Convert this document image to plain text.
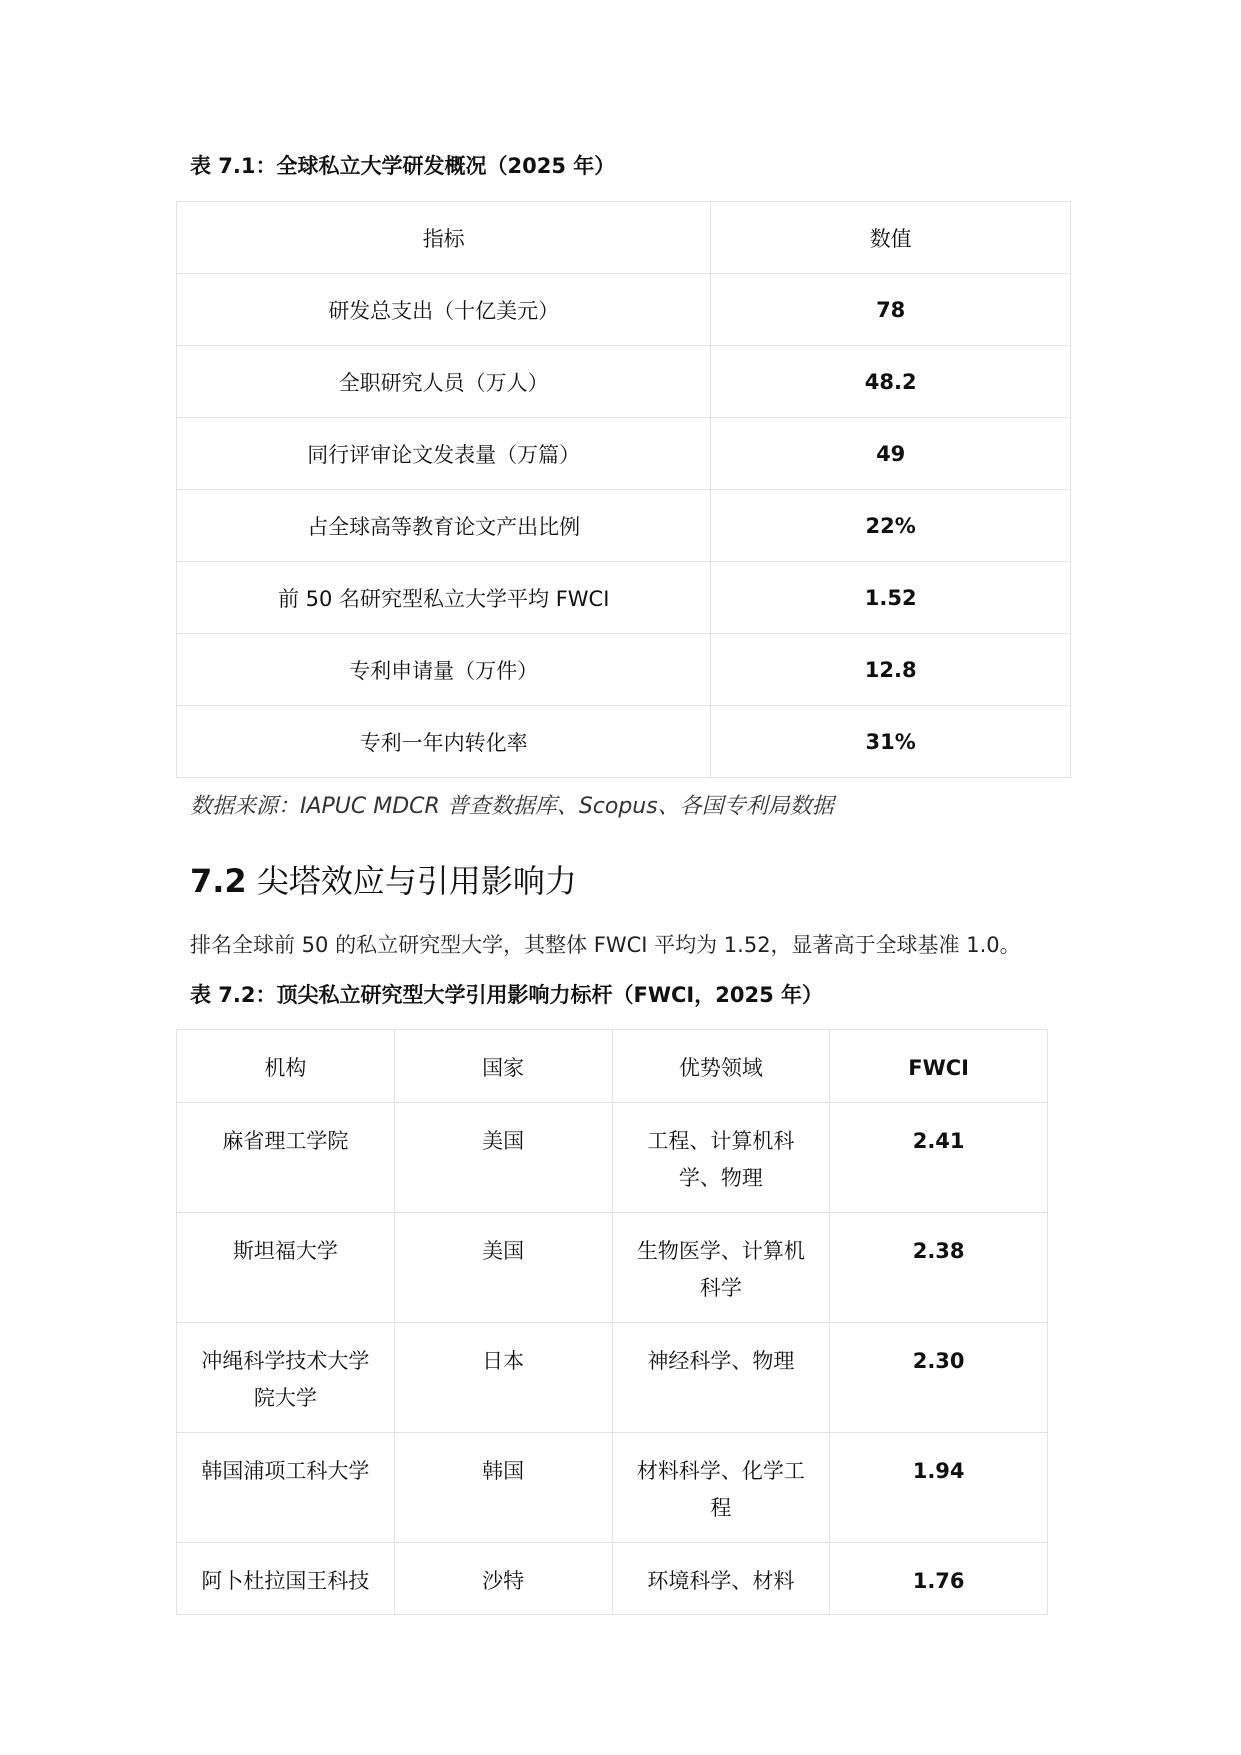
表 7.1：全球私立大学研发概况（2025 年）
指标	数值
研发总支出（十亿美元）	78
全职研究人员（万人）	48.2
同行评审论文发表量（万篇）	49
占全球高等教育论文产出比例	22%
前 50 名研究型私立大学平均 FWCI	1.52
专利申请量（万件）	12.8
专利一年内转化率	31%
数据来源：IAPUC MDCR 普查数据库、Scopus、各国专利局数据
7.2 尖塔效应与引用影响力
排名全球前 50 的私立研究型大学，其整体 FWCI 平均为 1.52，显著高于全球基准 1.0。
表 7.2：顶尖私立研究型大学引用影响力标杆（FWCI，2025 年）
机构	国家	优势领域	FWCI
麻省理工学院	美国	工程、计算机科学、物理	2.41
斯坦福大学	美国	生物医学、计算机科学	2.38
冲绳科学技术大学院大学	日本	神经科学、物理	2.30
韩国浦项工科大学	韩国	材料科学、化学工程	1.94
阿卜杜拉国王科技	沙特	环境科学、材料	1.76
